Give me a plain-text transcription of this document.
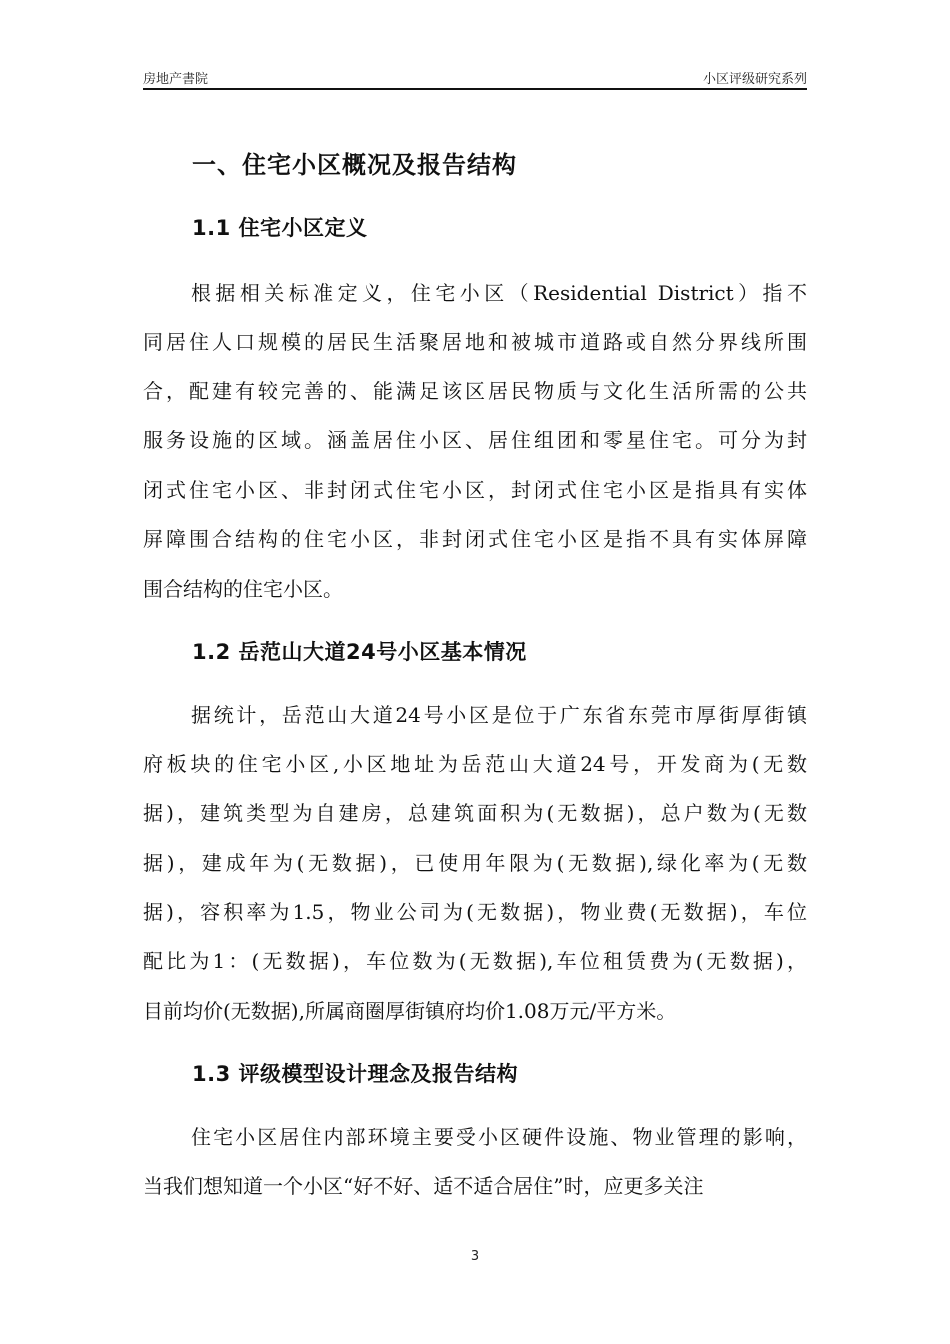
房地产書院	小区评级研究系列
一、住宅小区概况及报告结构
1.1 住宅小区定义
根据相关标准定义，住宅小区（Residential District）指不
同居住人口规模的居民生活聚居地和被城市道路或自然分界线所围
合，配建有较完善的、能满足该区居民物质与文化生活所需的公共
服务设施的区域。涵盖居住小区、居住组团和零星住宅。可分为封
闭式住宅小区、非封闭式住宅小区，封闭式住宅小区是指具有实体
屏障围合结构的住宅小区，非封闭式住宅小区是指不具有实体屏障
围合结构的住宅小区。
1.2 岳范山大道24号小区基本情况
据统计，岳范山大道24号小区是位于广东省东莞市厚街厚街镇
府板块的住宅小区,小区地址为岳范山大道24号，开发商为(无数
据)，建筑类型为自建房，总建筑面积为(无数据)，总户数为(无数
据)，建成年为(无数据)，已使用年限为(无数据),绿化率为(无数
据)，容积率为1.5，物业公司为(无数据)，物业费(无数据)，车位
配比为1：(无数据)，车位数为(无数据),车位租赁费为(无数据)，
目前均价(无数据),所属商圈厚街镇府均价1.08万元/平方米。
1.3 评级模型设计理念及报告结构
住宅小区居住内部环境主要受小区硬件设施、物业管理的影响，
当我们想知道一个小区“好不好、适不适合居住”时，应更多关注
3
